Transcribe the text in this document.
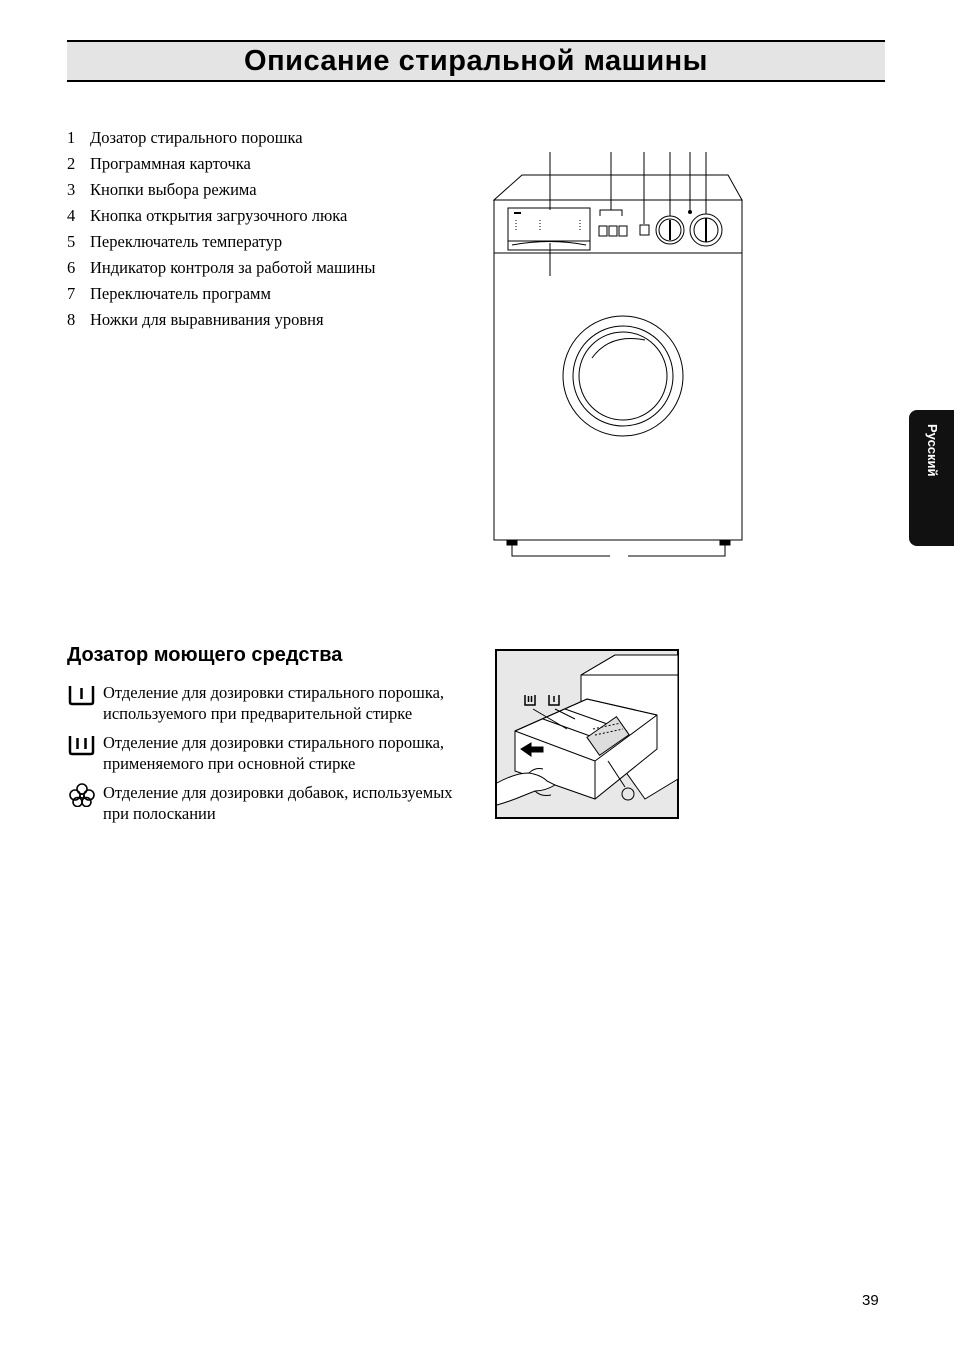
Описание стиральной машины
1 Дозатор стирального порошка
2 Программная карточка
3 Кнопки выбора режима
4 Кнопка открытия загрузочного люка
5 Переключатель температур
6 Индикатор контроля за работой машины
7 Переключатель программ
8 Ножки для выравнивания уровня
Русский
Дозатор моющего средства
Отделение для дозировки стирального порошка, используемого при предварительной стирке
Отделение для дозировки стирального порошка, применяемого при основной стирке
Отделение для дозировки добавок, используемых при полоскании
39
